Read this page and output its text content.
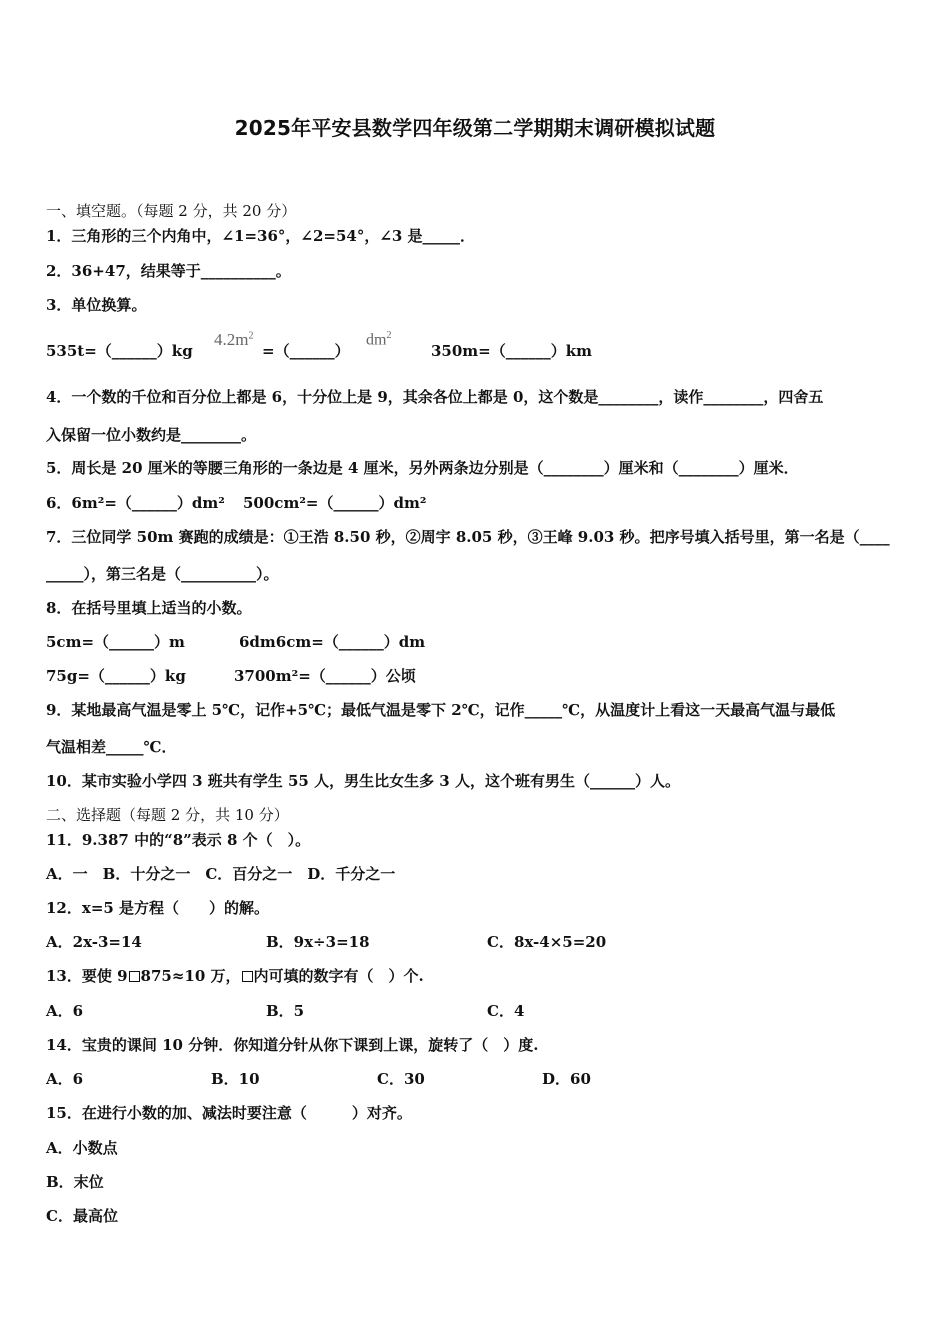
2025年平安县数学四年级第二学期期末调研模拟试题
一、填空题。（每题 2 分，共 20 分）
1．三角形的三个内角中，∠1=36°，∠2=54°，∠3 是_____．
2．36+47，结果等于__________。
3．单位换算。
535t=（______）kg
$4.2m^2$
=（______）
$dm^2$
350m=（______）km
4．一个数的千位和百分位上都是 6，十分位上是 9，其余各位上都是 0，这个数是________，读作________，四舍五
入保留一位小数约是________。
5．周长是 20 厘米的等腰三角形的一条边是 4 厘米，另外两条边分别是（________）厘米和（________）厘米．
6．6m²=（______）dm² 500cm²=（______）dm²
7．三位同学 50m 赛跑的成绩是：①王浩 8.50 秒，②周宇 8.05 秒，③王峰 9.03 秒。把序号填入括号里，第一名是（____
_____），第三名是（__________）。
8．在括号里填上适当的小数。
5cm=（______）m	6dm6cm=（______）dm
75g=（______）kg	3700m²=（______）公顷
9．某地最高气温是零上 5℃，记作+5℃；最低气温是零下 2℃，记作_____℃，从温度计上看这一天最高气温与最低
气温相差_____℃．
10．某市实验小学四 3 班共有学生 55 人，男生比女生多 3 人，这个班有男生（______）人。
二、选择题（每题 2 分，共 10 分）
11．9.387 中的“8”表示 8 个（　）。
A．一　B．十分之一　C．百分之一　D．千分之一
12．x=5 是方程（　　）的解。
A．2x-3=14	B．9x÷3=18	C．8x-4×5=20
13．要使 9 875≈10 万， 内可填的数字有（　）个.
A．6	B．5	C．4
14．宝贵的课间 10 分钟．你知道分针从你下课到上课，旋转了（　）度.
A．6	B．10	C．30	D．60
15．在进行小数的加、减法时要注意（　　　）对齐。
A．小数点
B．末位
C．最高位
